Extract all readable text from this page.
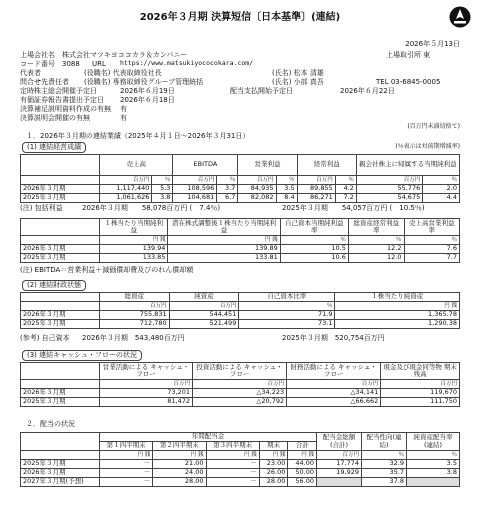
2026年３月期 決算短信〔日本基準〕(連結)
2026年５月13日
上場会社名 株式会社マツキヨココカラ＆カンパニー	上場取引所 東
コード番号 3088 URL https://www.matsukiyococokara.com/
代表者	(役職名) 代表取締役社長	(氏名) 松本 清雄
問合せ先責任者 (役職名) 専務取締役グループ管理統括	(氏名) 小部 真吾	TEL 03-6845-0005
定時株主総会開催予定日	2026年６月19日	配当支払開始予定日	2026年６月22日
有価証券報告書提出予定日 2026年６月18日
決算補足説明資料作成の有無 有
決算説明会開催の有無	有
(百万円未満切捨て)
１．2026年３月期の連結業績（2025年４月１日～2026年３月31日）
(1) 連結経営成績	(％表示は対前期増減率)
	売上高		EBITDA		営業利益		経常利益		親会社株主に帰属する当期純利益	
	百万円	％	百万円	％	百万円	％	百万円	％	百万円	％
2026年３月期	1,117,440	5.3	108,596	3.7	84,935	3.5	89,855	4.2	55,776	2.0
2025年３月期	1,061,626	3.8	104,681	6.7	82,082	8.4	86,271	7.2	54,675	4.4
(注) 包括利益	2026年３月期　　58,078百万円 (　7.4％)	2025年３月期　　54,057百万円 (　10.5％)
	１株当たり当期純利益	潜在株式調整後１株当たり当期純利益	自己資本当期純利益率	総資産経常利益率	売上高営業利益率
	円 銭	円 銭	％	％	％
2026年３月期	139.94	139.89	10.5	12.2	7.6
2025年３月期	133.85	133.81	10.6	12.0	7.7
(注) EBITDA＝営業利益＋減価償却費及びのれん償却額
(2) 連結財政状態
	総資産	純資産	自己資本比率	１株当たり純資産
	百万円	百万円	％	円 銭
2026年３月期	755,831	544,451	71.9	1,365.78
2025年３月期	712,780	521,499	73.1	1,290.38
(参考) 自己資本 2026年３月期　543,480百万円	2025年３月期　520,754百万円
(3) 連結キャッシュ・フローの状況
	営業活動による キャッシュ・フロー	投資活動による キャッシュ・フロー	財務活動による キャッシュ・フロー	現金及び現金同等物 期末残高
	百万円	百万円	百万円	百万円
2026年３月期	73,201	△34,223	△34,141	119,670
2025年３月期	81,472	△20,792	△66,662	111,750
２．配当の状況
	年間配当金					配当金総額(合計)	配当性向(連結)	純資産配当率(連結)
	第１四半期末	第２四半期末	第３四半期末	期末	合計			
	円 銭	円 銭	円 銭	円 銭	円 銭	百万円	％	％
2025年３月期	－	21.00	－	23.00	44.00	17,774	32.9	3.5
2026年３月期	－	24.00	－	26.00	50.00	19,929	35.7	3.8
2027年３月期(予想)	－	28.00	－	28.00	56.00		37.8	
